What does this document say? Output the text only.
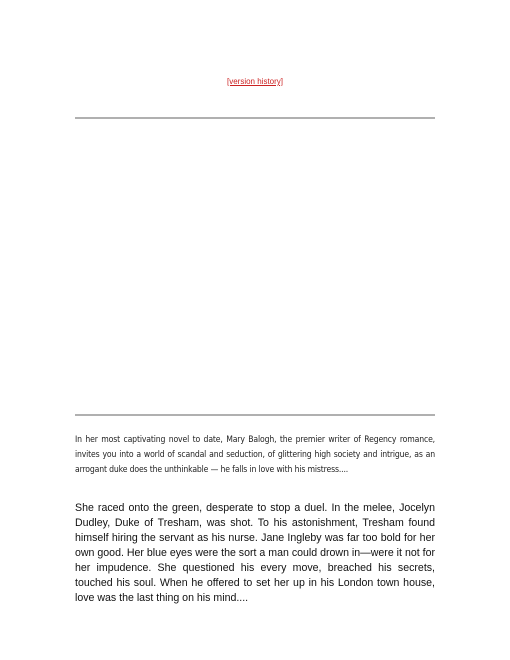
[version history]

In her most captivating novel to date, Mary Balogh, the premier writer of Regency romance, invites you into a world of scandal and seduction, of glittering high society and intrigue, as an arrogant duke does the unthinkable — he falls in love with his mistress....

She raced onto the green, desperate to stop a duel. In the melee, Jocelyn Dudley, Duke of Tresham, was shot. To his astonishment, Tresham found himself hiring the servant as his nurse. Jane Ingleby was far too bold for her own good. Her blue eyes were the sort a man could drown in—were it not for her impudence. She questioned his every move, breached his secrets, touched his soul. When he offered to set her up in his London town house, love was the last thing on his mind....
